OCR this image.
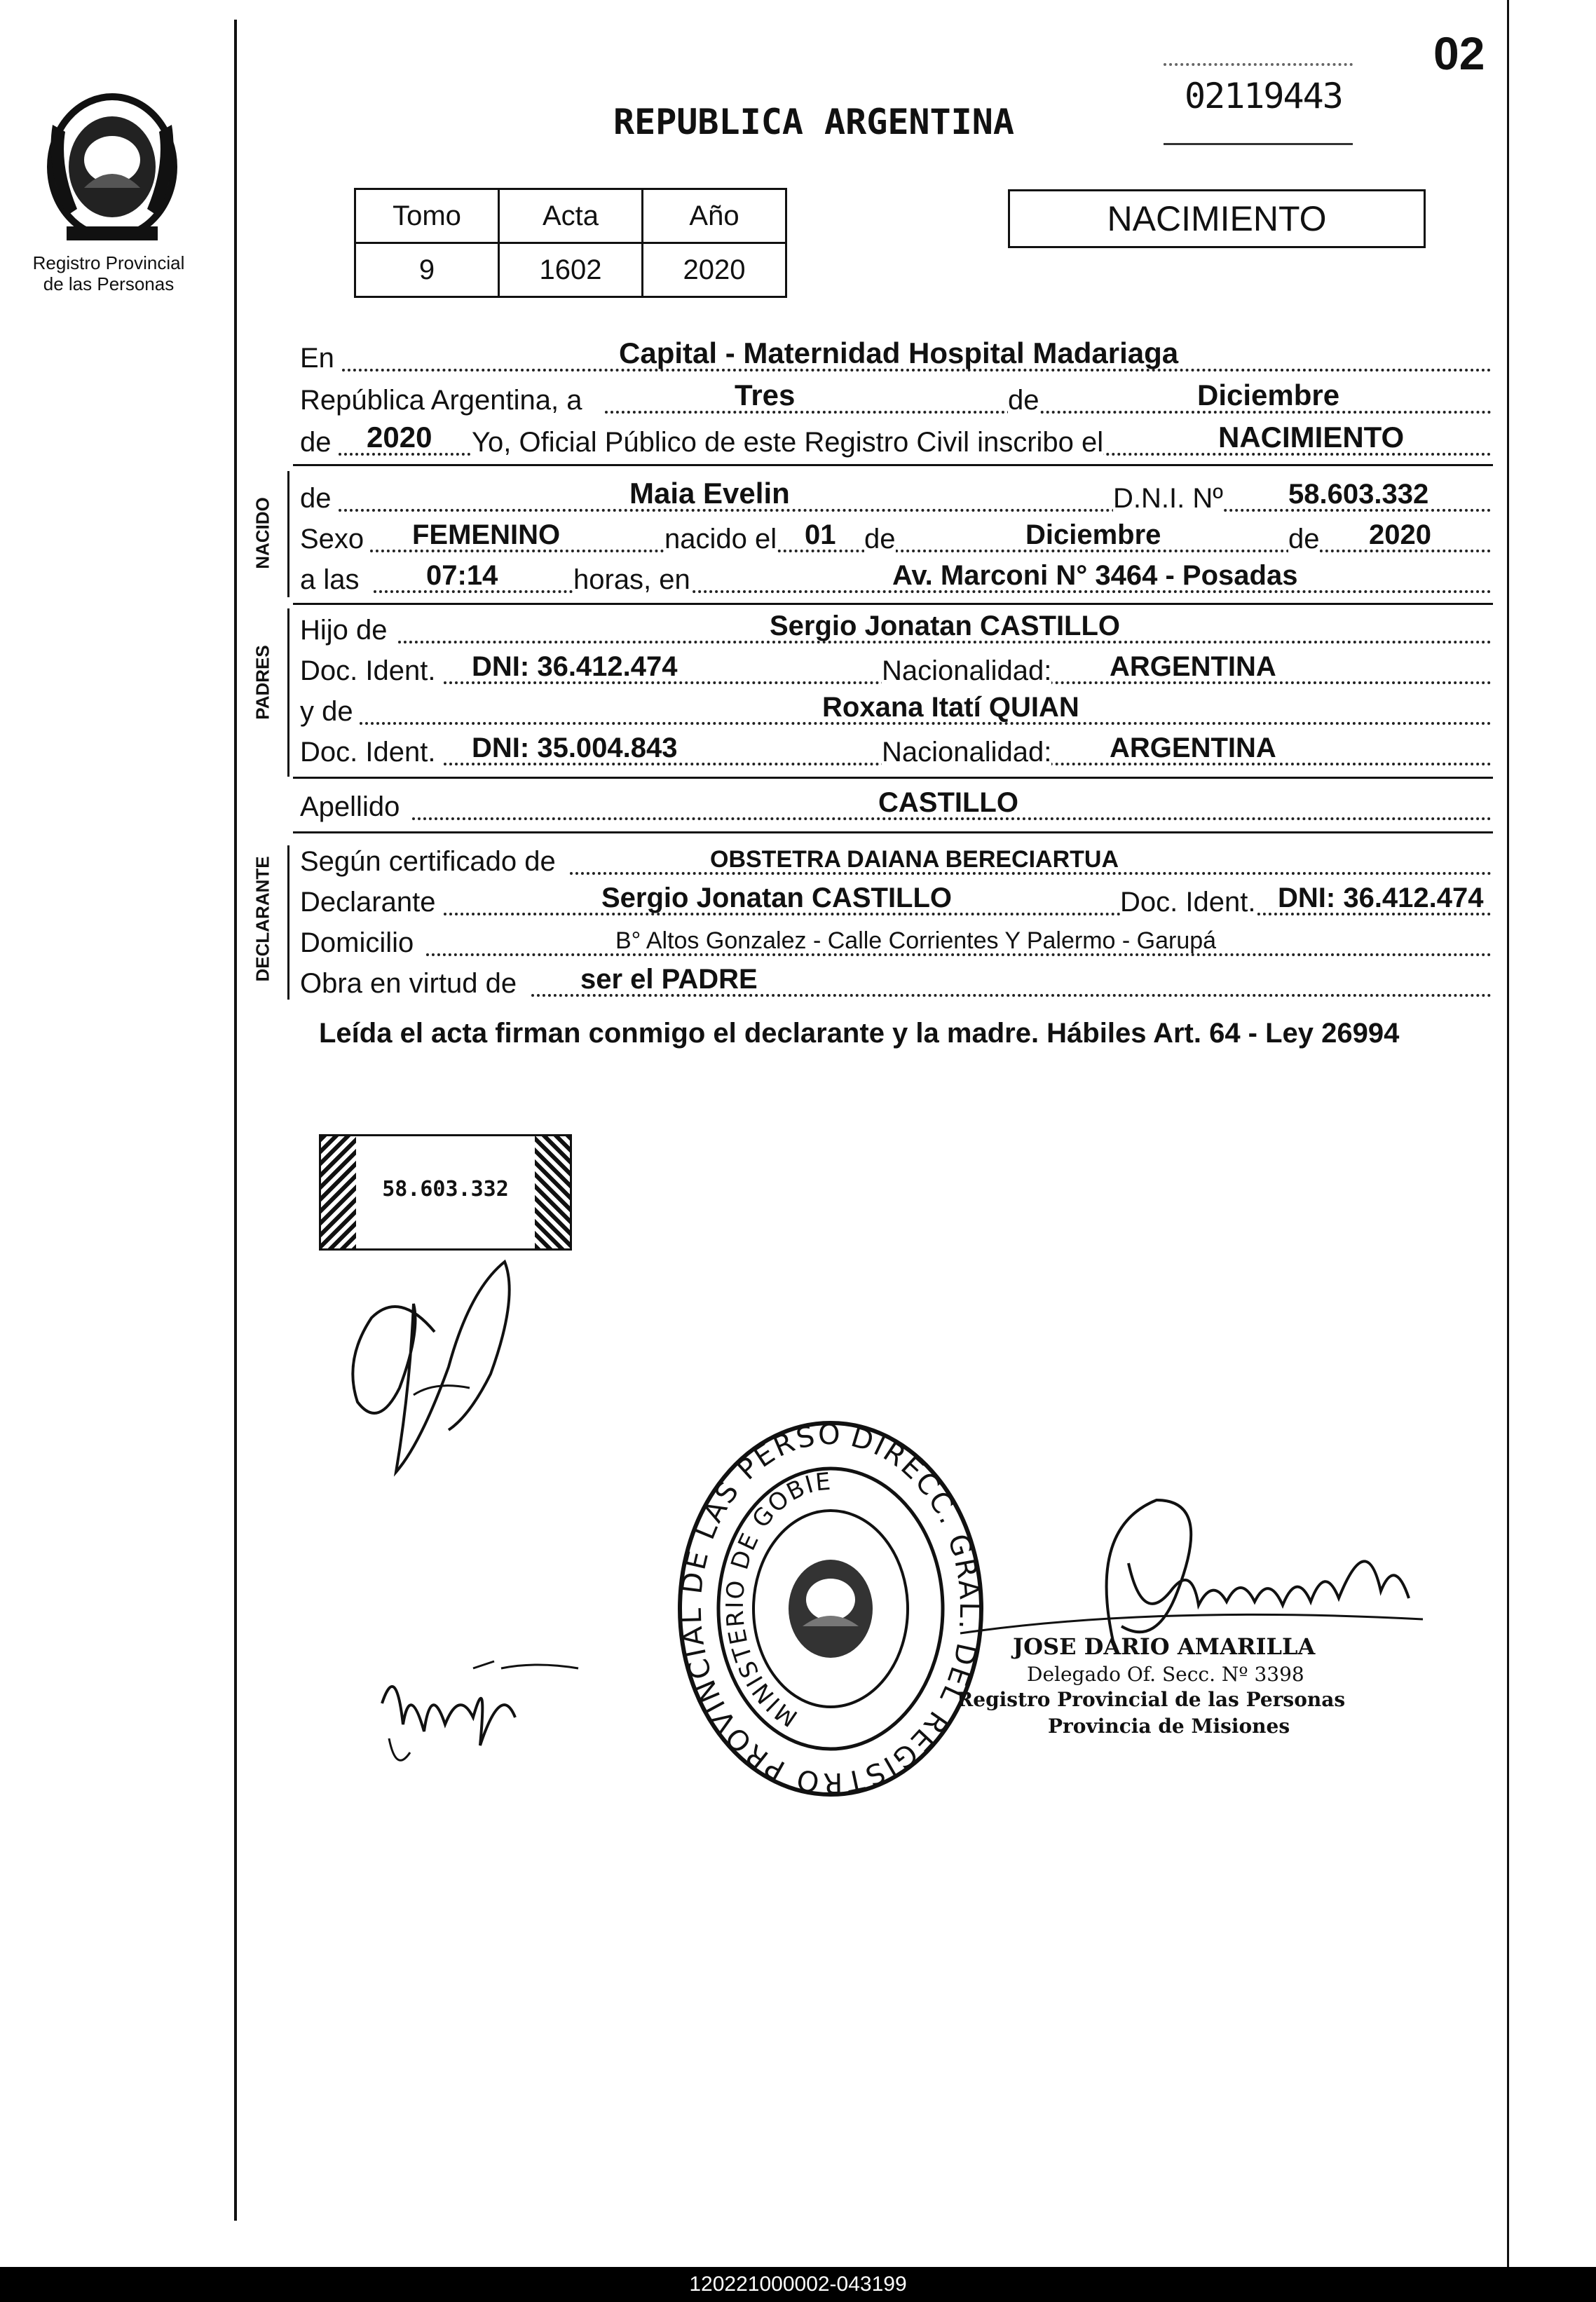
Registro Provincial
de las Personas
02
02119443
REPUBLICA ARGENTINA
Tomo	Acta	Año
9	1602	2020
NACIMIENTO
En	Capital - Maternidad Hospital Madariaga
República Argentina, a	Tres	de	Diciembre
de 2020 Yo, Oficial Público de este Registro Civil inscribo el	NACIMIENTO
NACIDO de	Maia Evelin	D.N.I. Nº 58.603.332
Sexo FEMENINO	nacido el 01 de	Diciembre	de 2020
a las 07:14	horas, en	Av. Marconi N° 3464 - Posadas
PADRES
Hijo de	Sergio Jonatan CASTILLO
Doc. Ident. DNI: 36.412.474	Nacionalidad: ARGENTINA
y de	Roxana Itatí QUIAN
Doc. Ident. DNI: 35.004.843	Nacionalidad: ARGENTINA
Apellido	CASTILLO
DECLARANTE Según certificado de	OBSTETRA DAIANA BERECIARTUA
Declarante	Sergio Jonatan CASTILLO	Doc. Ident. DNI: 36.412.474
Domicilio	B° Altos Gonzalez - Calle Corrientes Y Palermo - Garupá
Obra en virtud de ser el PADRE
Leída el acta firman conmigo el declarante y la madre. Hábiles Art. 64 - Ley 26994
58.603.332
DIRECC. GRAL. DEL REGISTRO PROVINCIAL DE LAS PERSO
MINISTERIO DE GOBIE
JOSE DARIO AMARILLA
Delegado Of. Secc. Nº 3398
Registro Provincial de las Personas
Provincia de Misiones
120221000002-043199
